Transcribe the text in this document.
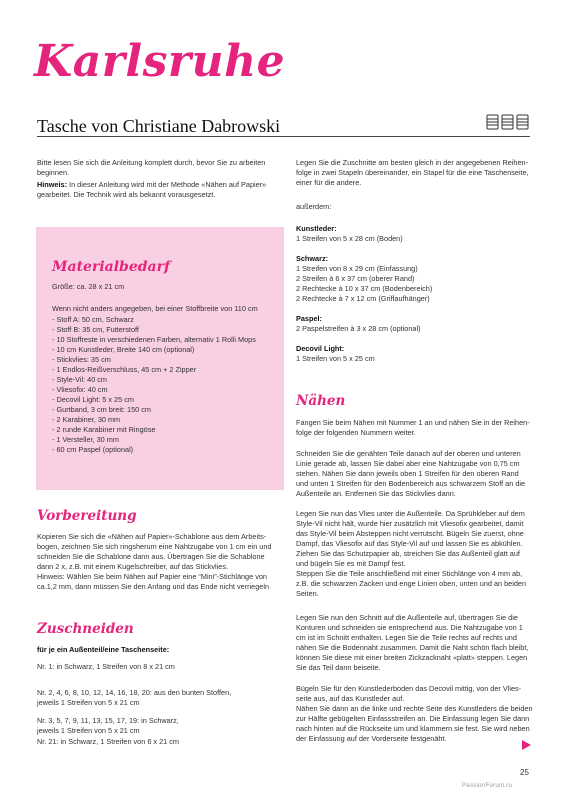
Karlsruhe
Tasche von Christiane Dabrowski
Bitte lesen Sie sich die Anleitung komplett durch, bevor Sie zu arbeiten beginnen.
Hinweis: In dieser Anleitung wird mit der Methode «Nähen auf Papier» gearbeitet. Die Technik wird als bekannt vorausgesetzt.
Materialbedarf
Größe: ca. 28 x 21 cm
Wenn nicht anders angegeben, bei einer Stoffbreite von 110 cm
- Stoff A: 50 cm, Schwarz
- Stoff B: 35 cm, Futterstoff
- 10 Stoffreste in verschiedenen Farben, alternativ 1 Rolli Mops
- 10 cm Kunstleder, Breite 140 cm (optional)
- Stickvlies: 35 cm
- 1 Endlos-Reißverschluss, 45 cm + 2 Zipper
- Style-Vil: 40 cm
- Vliesofix: 40 cm
- Decovil Light: 5 x 25 cm
- Gurtband, 3 cm breit: 150 cm
- 2 Karabiner, 30 mm
- 2 runde Karabiner mit Ringöse
- 1 Versteller, 30 mm
- 60 cm Paspel (optional)
Vorbereitung
Kopieren Sie sich die «Nähen auf Papier»-Schablone aus dem Arbeits-
bogen, zeichnen Sie sich ringsherum eine Nahtzugabe von 1 cm ein und
schneiden Sie die Schablone dann aus. Übertragen Sie die Schablone
dann 2 x, z.B. mit einem Kugelschreiber, auf das Stickvlies.
Hinweis: Wählen Sie beim Nähen auf Papier eine “Mini”-Stichlänge von
ca.1,2 mm, dann müssen Sie den Anfang und das Ende nicht verriegeln
Zuschneiden
für je ein Außenteil/eine Taschenseite:
Nr. 1: in Schwarz, 1 Streifen von 8 x 21 cm
Nr. 2, 4, 6, 8, 10, 12, 14, 16, 18, 20: aus den bunten Stoffen,
jeweils 1 Streifen von 5 x 21 cm
Nr. 3, 5, 7, 9, 11, 13, 15, 17, 19: in Schwarz,
jeweils 1 Streifen von 5 x 21 cm
Nr. 21: in Schwarz, 1 Streifen von 6 x 21 cm
Legen Sie die Zuschnitte am besten gleich in der angegebenen Reihen-
folge in zwei Stapeln übereinander, ein Stapel für die eine Taschenseite,
einer für die andere.
außerdem:
Kunstleder:
1 Streifen von 5 x 28 cm (Boden)
Schwarz:
1 Streifen von 8 x 29 cm (Einfassung)
2 Streifen à 6 x 37 cm (oberer Rand)
2 Rechtecke à 10 x 37 cm (Bodenbereich)
2 Rechtecke à 7 x 12 cm (Griffaufhänger)
Paspel:
2 Paspelstreifen à 3 x 28 cm (optional)
Decovil Light:
1 Streifen von 5 x 25 cm
Nähen
Fangen Sie beim Nähen mit Nummer 1 an und nähen Sie in der Reihen-
folge der folgenden Nummern weiter.
Schneiden Sie die genähten Teile danach auf der oberen und unteren
Linie gerade ab, lassen Sie dabei aber eine Nahtzugabe von 0,75 cm
stehen. Nähen Sie dann jeweils oben 1 Streifen für den oberen Rand
und unten 1 Streifen für den Bodenbereich aus schwarzem Stoff an die
Außenteile an. Entfernen Sie das Stickvlies dann.
Legen Sie nun das Vlies unter die Außenteile. Da Sprühkleber auf dem
Style-Vil nicht hält, wurde hier zusätzlich mit Vliesofix gearbeitet, damit
das Style-Vil beim Absteppen nicht verrutscht. Bügeln Sie zuerst, ohne
Dampf, das Vliesofix auf das Style-Vil auf und lassen Sie es abkühlen.
Ziehen Sie das Schutzpapier ab, streichen Sie das Außenteil glatt auf
und bügeln Sie es mit Dampf fest.
Steppen Sie die Teile anschließend mit einer Stichlänge von 4 mm ab,
z.B. die schwarzen Zacken und enge Linien oben, unten und an beiden
Seiten.
Legen Sie nun den Schnitt auf die Außenteile auf, übertragen Sie die
Konturen und schneiden sie entsprechend aus. Die Nahtzugabe von 1
cm ist im Schnitt enthalten. Legen Sie die Teile rechts auf rechts und
nähen Sie die Bodennaht zusammen. Damit die Naht schön flach bleibt,
können Sie diese mit einer breiten Zickzacknaht «platt» steppen. Legen
Sie das Teil dann beiseite.
Bügeln Sie für den Kunstlederboden das Decovil mittig, von der Vlies-
seite aus, auf das Kunstleder auf.
Nähen Sie dann an die linke und rechte Seite des Kunstleders die beiden
zur Hälfte gebügelten Einfassstreifen an. Die Einfassung legen Sie dann
nach hinten auf die Rückseite um und klammern sie fest. Sie wird neben
der Einfassung auf der Vorderseite festgenäht.
25
PassionForum.ru
